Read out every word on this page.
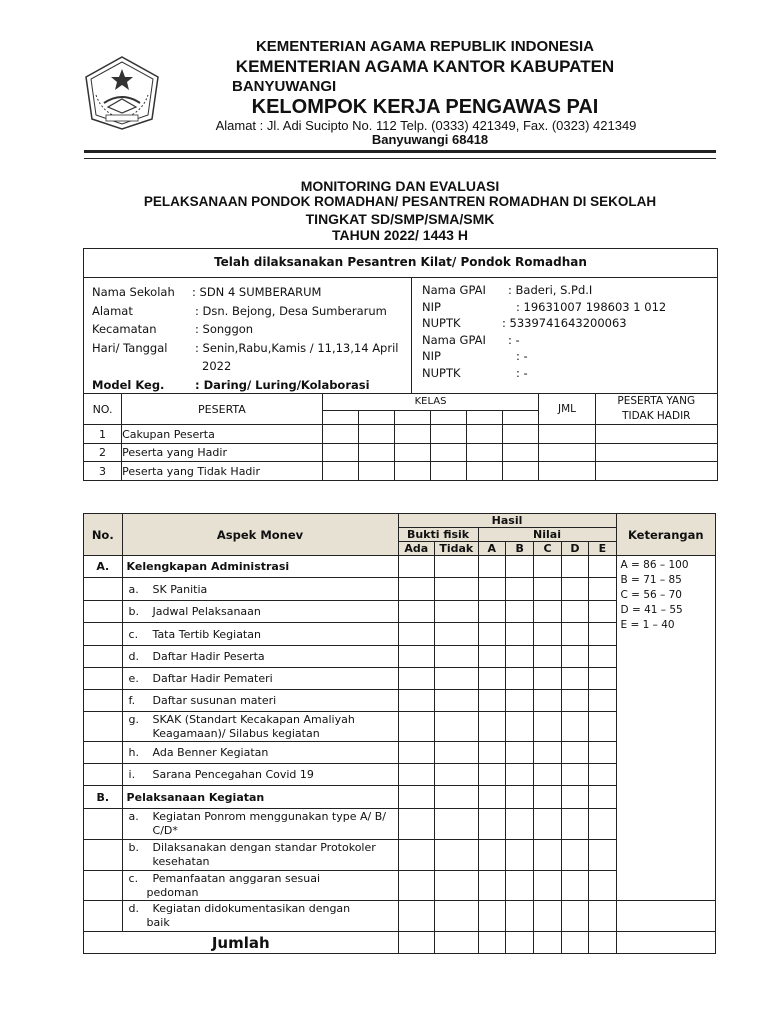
KEMENTERIAN AGAMA REPUBLIK INDONESIA
KEMENTERIAN AGAMA KANTOR KABUPATEN
BANYUWANGI
KELOMPOK KERJA PENGAWAS PAI
Alamat : Jl. Adi Sucipto No. 112 Telp. (0333) 421349, Fax. (0323) 421349
Banyuwangi 68418
MONITORING DAN EVALUASI
PELAKSANAAN PONDOK ROMADHAN/ PESANTREN ROMADHAN DI SEKOLAH
TINGKAT SD/SMP/SMA/SMK
TAHUN 2022/ 1443 H
Telah dilaksanakan Pesantren Kilat/ Pondok Romadhan
Nama Sekolah : SDN 4 SUMBERARUM
Alamat	: Dsn. Bejong, Desa Sumberarum
Kecamatan	: Songgon
Hari/ Tanggal : Senin,Rabu,Kamis / 11,13,14 April
2022
Model Keg.	: Daring/ Luring/Kolaborasi
Nama GPAI : Baderi, S.Pd.I
NIP	: 19631007 198603 1 012
NUPTK	: 5339741643200063
Nama GPAI : -
NIP	: -
NUPTK	: -
NO.	PESERTA	KELAS						JML	PESERTA YANG
TIDAK HADIR

1	Cakupan Peserta								
2	Peserta yang Hadir								
3	Peserta yang Tidak Hadir								
No.	Aspek Monev	Hasil							Keterangan
		Bukti fisik		Nilai					
		Ada	Tidak	A	B	C	D	E	
A.	Kelengkapan Administrasi								A = 86 – 100
B = 71 – 85
C = 56 – 70
D = 41 – 55
E = 1 – 40

	a. SK Panitia								
	b. Jadwal Pelaksanaan								
	c. Tata Tertib Kegiatan								
	d. Daftar Hadir Peserta								
	e. Daftar Hadir Pemateri								
	f. Daftar susunan materi								
	g. SKAK (Standart Kecakapan Amaliyah
Keagamaan)/ Silabus kegiatan								
	h. Ada Benner Kegiatan								
	i. Sarana Pencegahan Covid 19								
B.	Pelaksanaan Kegiatan								
	a. Kegiatan Ponrom menggunakan type A/ B/
C/D*								
	b. Dilaksanakan dengan standar Protokoler
kesehatan								
	c. Pemanfaatan anggaran sesuai
pedoman								
	d. Kegiatan didokumentasikan dengan
baik								
Jumlah									
